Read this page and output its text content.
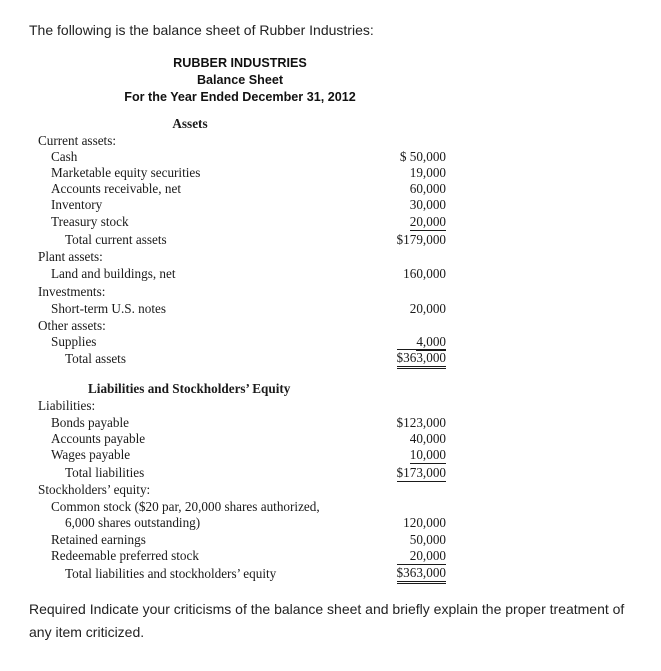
The following is the balance sheet of Rubber Industries:
RUBBER INDUSTRIES
Balance Sheet
For the Year Ended December 31, 2012
Assets
Current assets:
Cash	$ 50,000
Marketable equity securities	19,000
Accounts receivable, net	60,000
Inventory	30,000
Treasury stock	20,000
Total current assets	$179,000
Plant assets:
Land and buildings, net	160,000
Investments:
Short-term U.S. notes	20,000
Other assets:
Supplies	4,000
Total assets	$363,000
Liabilities and Stockholders’ Equity
Liabilities:
Bonds payable	$123,000
Accounts payable	40,000
Wages payable	10,000
Total liabilities	$173,000
Stockholders’ equity:
Common stock ($20 par, 20,000 shares authorized,
6,000 shares outstanding)	120,000
Retained earnings	50,000
Redeemable preferred stock	20,000
Total liabilities and stockholders’ equity	$363,000
Required Indicate your criticisms of the balance sheet and briefly explain the proper treatment of any item criticized.
